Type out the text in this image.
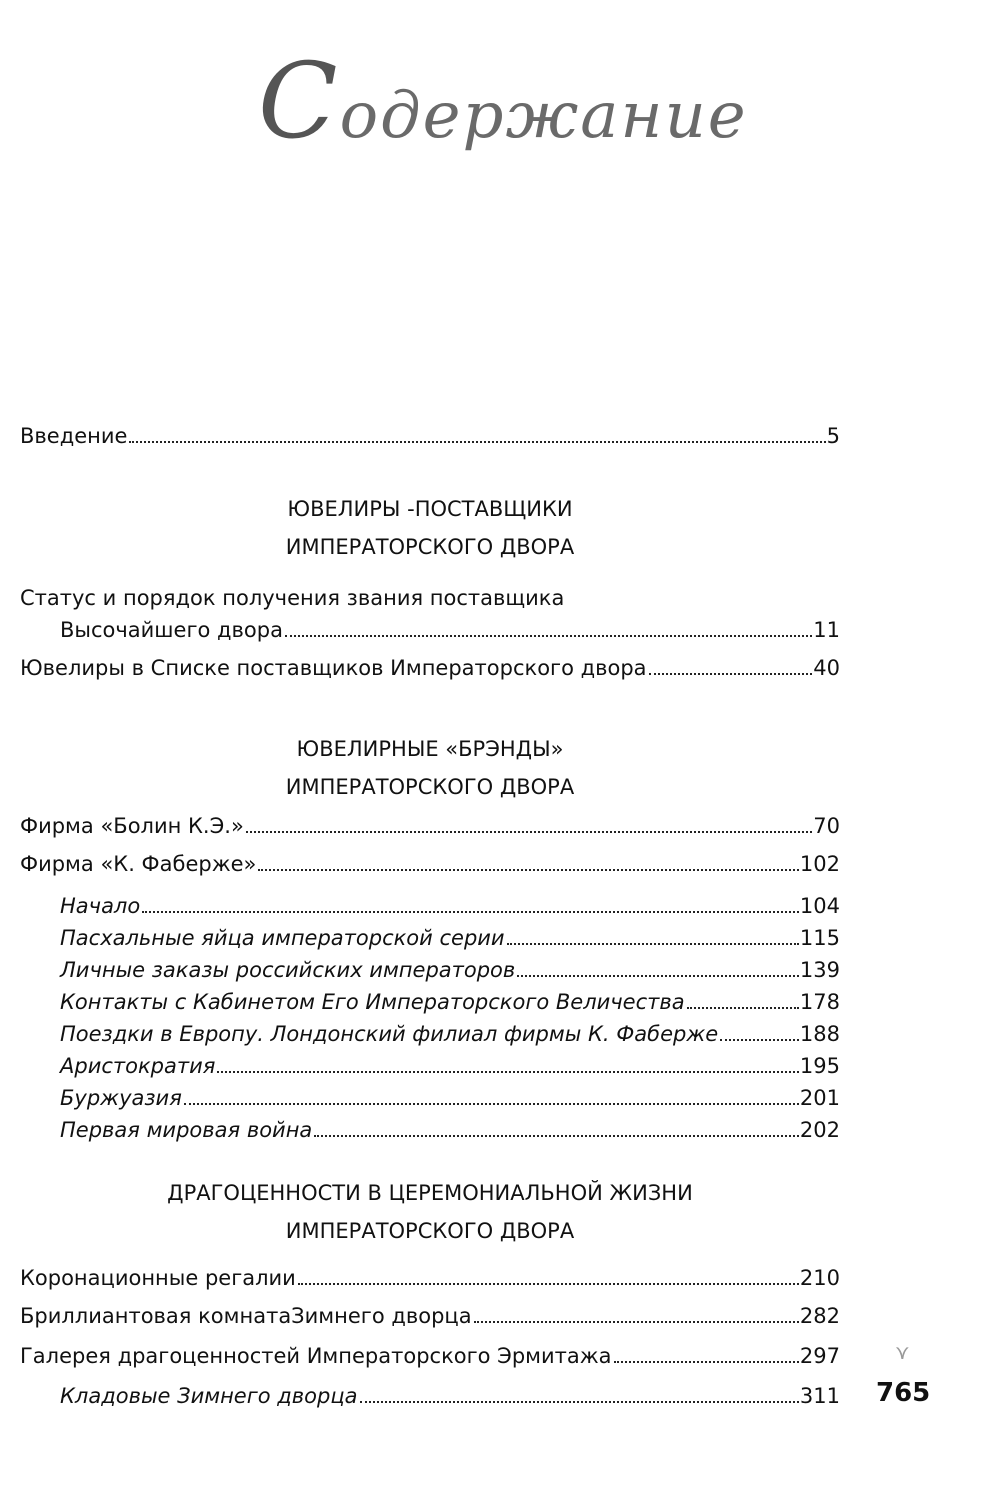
Содержание
Введение	5
ЮВЕЛИРЫ -ПОСТАВЩИКИ
ИМПЕРАТОРСКОГО ДВОРА
Статус и порядок получения звания поставщика
Высочайшего двора	11
Ювелиры в Списке поставщиков Императорского двора	40
ЮВЕЛИРНЫЕ «БРЭНДЫ»
ИМПЕРАТОРСКОГО ДВОРА
Фирма «Болин К.Э.»	70
Фирма «К. Фаберже»	102
Начало	104
Пасхальные яйца императорской серии	115
Личные заказы российских императоров	139
Контакты с Кабинетом Его Императорского Величества	178
Поездки в Европу. Лондонский филиал фирмы К. Фаберже	188
Аристократия	195
Буржуазия	201
Первая мировая война	202
ДРАГОЦЕННОСТИ В ЦЕРЕМОНИАЛЬНОЙ ЖИЗНИ
ИМПЕРАТОРСКОГО ДВОРА
Коронационные регалии	210
Бриллиантовая комнатаЗимнего дворца	282
Галерея драгоценностей Императорского Эрмитажа	297
Кладовые Зимнего дворца	311
⋎
765
